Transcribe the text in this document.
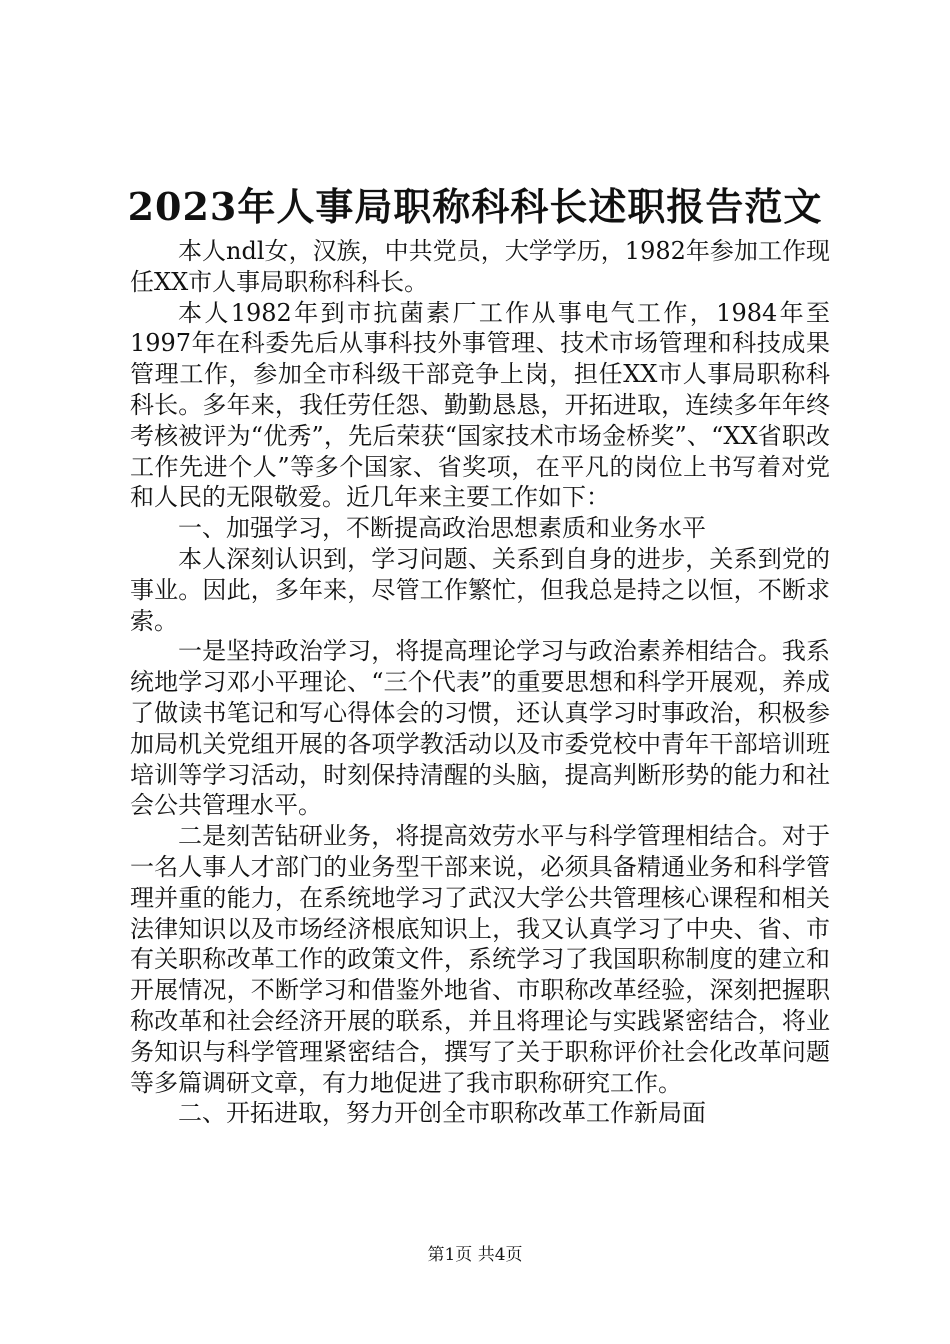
2023年人事局职称科科长述职报告范文

本人ndl女，汉族，中共党员，大学学历，1982年参加工作现任XX市人事局职称科科长。

本人1982年到市抗菌素厂工作从事电气工作，1984年至1997年在科委先后从事科技外事管理、技术市场管理和科技成果管理工作，参加全市科级干部竞争上岗，担任XX市人事局职称科科长。多年来，我任劳任怨、勤勤恳恳，开拓进取，连续多年年终考核被评为“优秀”，先后荣获“国家技术市场金桥奖”、“XX省职改工作先进个人”等多个国家、省奖项，在平凡的岗位上书写着对党和人民的无限敬爱。近几年来主要工作如下：

一、加强学习，不断提高政治思想素质和业务水平

本人深刻认识到，学习问题、关系到自身的进步，关系到党的事业。因此，多年来，尽管工作繁忙，但我总是持之以恒，不断求索。

一是坚持政治学习，将提高理论学习与政治素养相结合。我系统地学习邓小平理论、“三个代表”的重要思想和科学开展观，养成了做读书笔记和写心得体会的习惯，还认真学习时事政治，积极参加局机关党组开展的各项学教活动以及市委党校中青年干部培训班培训等学习活动，时刻保持清醒的头脑，提高判断形势的能力和社会公共管理水平。

二是刻苦钻研业务，将提高效劳水平与科学管理相结合。对于一名人事人才部门的业务型干部来说，必须具备精通业务和科学管理并重的能力，在系统地学习了武汉大学公共管理核心课程和相关法律知识以及市场经济根底知识上，我又认真学习了中央、省、市有关职称改革工作的政策文件，系统学习了我国职称制度的建立和开展情况，不断学习和借鉴外地省、市职称改革经验，深刻把握职称改革和社会经济开展的联系，并且将理论与实践紧密结合，将业务知识与科学管理紧密结合，撰写了关于职称评价社会化改革问题等多篇调研文章，有力地促进了我市职称研究工作。

二、开拓进取，努力开创全市职称改革工作新局面

第1页 共4页
